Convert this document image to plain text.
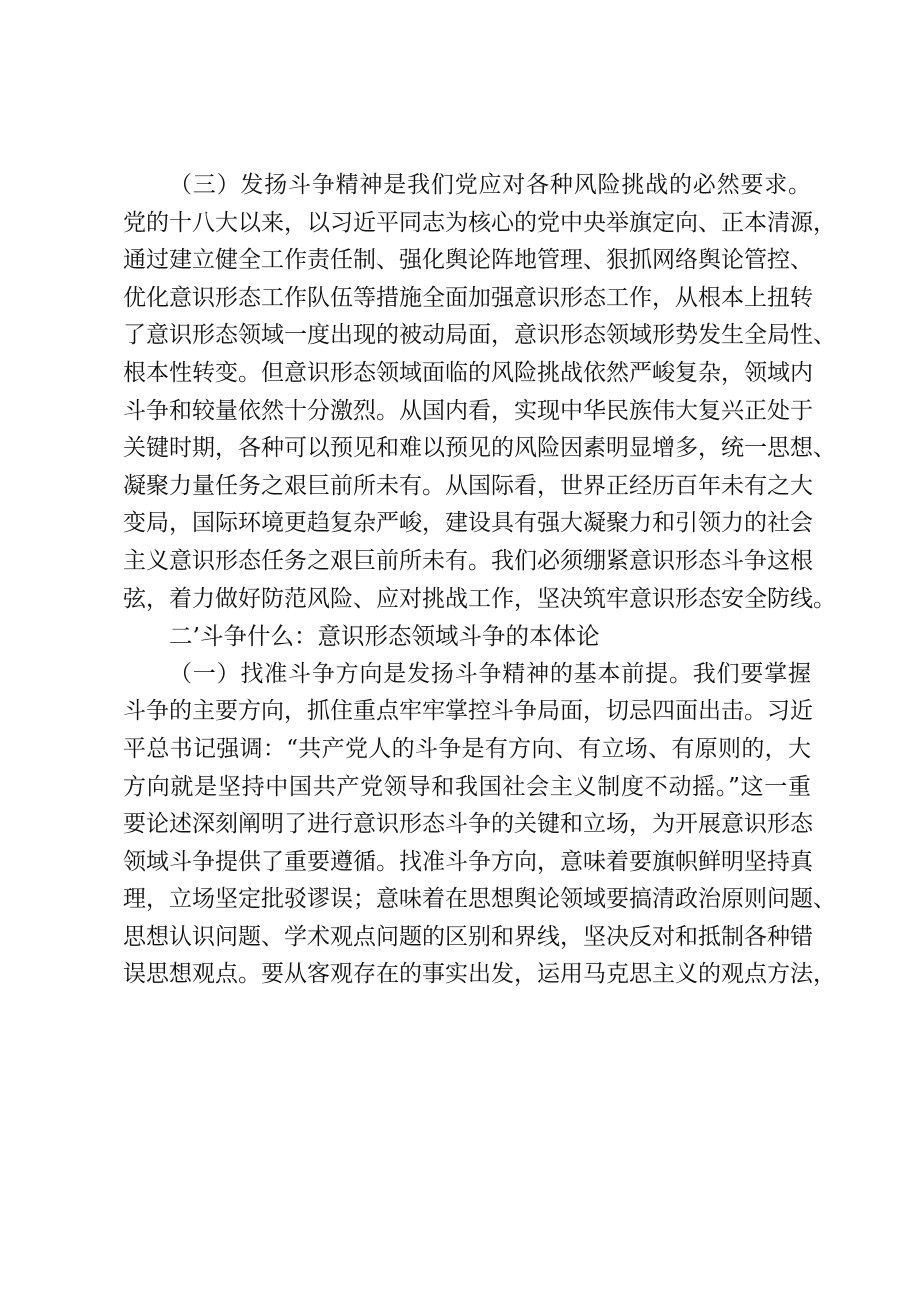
（三）发扬斗争精神是我们党应对各种风险挑战的必然要求。
党的十八大以来，以习近平同志为核心的党中央举旗定向、正本清源，
通过建立健全工作责任制、强化舆论阵地管理、狠抓网络舆论管控、
优化意识形态工作队伍等措施全面加强意识形态工作，从根本上扭转
了意识形态领域一度出现的被动局面，意识形态领域形势发生全局性、
根本性转变。但意识形态领域面临的风险挑战依然严峻复杂，领域内
斗争和较量依然十分激烈。从国内看，实现中华民族伟大复兴正处于
关键时期，各种可以预见和难以预见的风险因素明显增多，统一思想、
凝聚力量任务之艰巨前所未有。从国际看，世界正经历百年未有之大
变局，国际环境更趋复杂严峻，建设具有强大凝聚力和引领力的社会
主义意识形态任务之艰巨前所未有。我们必须绷紧意识形态斗争这根
弦，着力做好防范风险、应对挑战工作，坚决筑牢意识形态安全防线。
二’斗争什么：意识形态领域斗争的本体论
（一）找准斗争方向是发扬斗争精神的基本前提。我们要掌握
斗争的主要方向，抓住重点牢牢掌控斗争局面，切忌四面出击。习近
平总书记强调：“共产党人的斗争是有方向、有立场、有原则的，大
方向就是坚持中国共产党领导和我国社会主义制度不动摇。”这一重
要论述深刻阐明了进行意识形态斗争的关键和立场，为开展意识形态
领域斗争提供了重要遵循。找准斗争方向，意味着要旗帜鲜明坚持真
理，立场坚定批驳谬误；意味着在思想舆论领域要搞清政治原则问题、
思想认识问题、学术观点问题的区别和界线，坚决反对和抵制各种错
误思想观点。要从客观存在的事实出发，运用马克思主义的观点方法，
